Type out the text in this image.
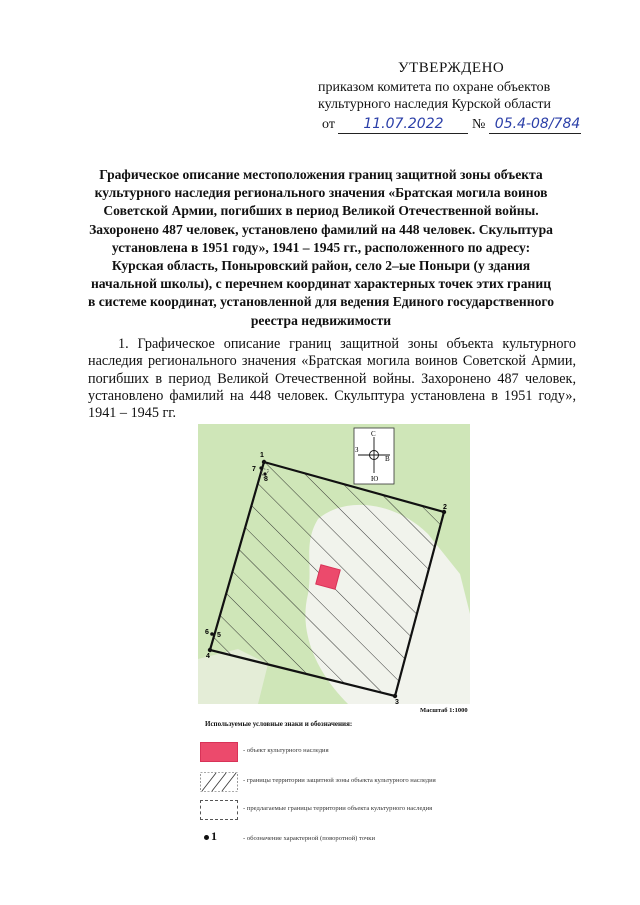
УТВЕРЖДЕНО
приказом комитета по охране объектов
культурного наследия Курской области
от 11.07.2022 № 05.4-08/784
Графическое описание местоположения границ защитной зоны объекта культурного наследия регионального значения «Братская могила воинов Советской Армии, погибших в период Великой Отечественной войны. Захоронено 487 человек, установлено фамилий на 448 человек. Скульптура установлена в 1951 году», 1941 – 1945 гг., расположенного по адресу: Курская область, Поныровский район, село 2–ые Поныри (у здания начальной школы), с перечнем координат характерных точек этих границ в системе координат, установленной для ведения Единого государственного реестра недвижимости
1. Графическое описание границ защитной зоны объекта культурного наследия регионального значения «Братская могила воинов Советской Армии, погибших в период Великой Отечественной войны. Захоронено 487 человек, установлено фамилий на 448 человек. Скульптура установлена в 1951 году», 1941 – 1945 гг.
1
2
3
4
5
6
7
8
С
Ю
В
З
Масштаб 1:1000
Используемые условные знаки и обозначения:
- объект культурного наследия
- границы территории защитной зоны объекта культурного наследия
- предлагаемые границы территории объекта культурного наследия
1	- обозначение характерной (поворотной) точки
